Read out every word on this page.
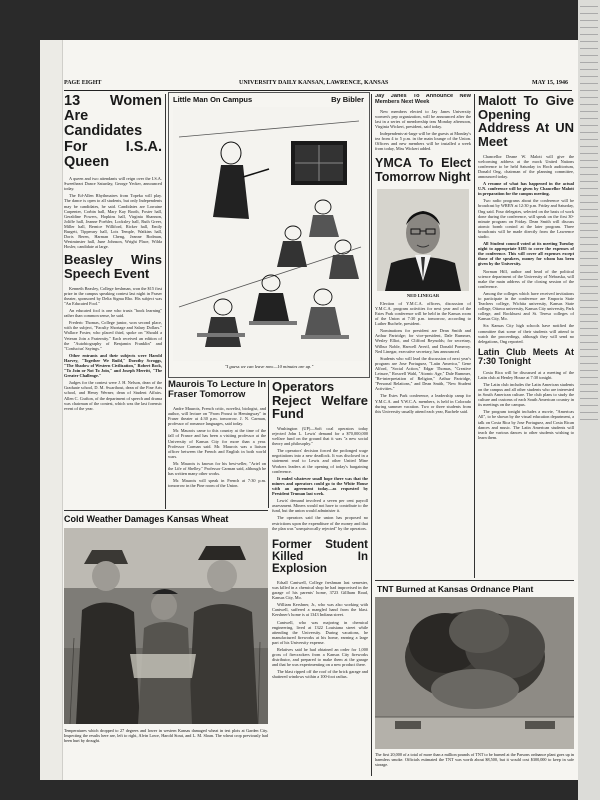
PAGE EIGHT	UNIVERSITY DAILY KANSAN, LAWRENCE, KANSAS	MAY 15, 1946
13 Women Are Candidates For I.S.A. Queen

A queen and two attendants will reign over the I.S.A. Sweetheart Dance Saturday, George Yecker, announced today.

The Ed-Allen Rhythmaires from Topeka will play. The dance is open to all students, but only Independents may be candidates, he said. Candidates are Lorraine Carpenter, Corbin hall, Mary Kay Booth, Foster hall, Geraldine Powers, Hopkins hall, Virginia Shannon, Joliffe hall, Jeanne Poehler, Locksley hall, Ruth Greer, Miller hall, Bernice Williford, Ricker hall, Emily Burgett, Tipperary hall, Lois Temple, Watkins hall, Doris Beren, Harman Cheng, Jeanne Bodman, Westminster hall, June Johnson, Wright Place, Wilda Hosler, candidate at large.

Beasley Wins Speech Event

Kenneth Beasley, College freshman, won the $15 first prize in the campus speaking contest last night in Fraser theater, sponsored by Delta Sigma Rho. His subject was "An Educated Fool."

An educated fool is one who trusts "book learning" rather than common sense, he said.

Frederic Thomas, College junior, won second place, with the subject, "Faculty Shortage and Salary Dollars." Wallace Foster, who placed third, spoke on "Should a Veteran Join a Fraternity." Each received an edition of the "Autobiography of Benjamin Franklin" and "Confucius' Sayings."

Other entrants and their subjects were Harold Harvey, "Together We Build," Dorothy Scroggs, "The Shadow of Western Civilization," Robert Bock, "To Join or Not To Join," and Joseph Merritt, "The Greater Challenge."

Judges for the contest were J. H. Nelson, dean of the Graduate school, D. M. Swarthout, dean of the Fine Arts school, and Henry Werner, dean of Student Affairs. Allen C. Crafton, of the department of speech and drama was chairman of the contest, which was the last forensic event of the year.

Little Man On Campus	By Bibler
"I guess we can leave now—10 minutes are up."
Maurois To Lecture In Fraser Tomorrow

Andre Maurois, French critic, novelist, biologist, and author, will lecture on "From Proust to Hemingway" in Fraser theater at 4:30 p.m. tomorrow. J. N. Carman, professor of romance languages, said today.

Mr. Maurois came to this country at the time of the fall of France and has been a visiting professor at the University of Kansas City for more than a year. Professor Carman said. Mr. Maurois was a liaison officer between the French and English in both world wars.

Mr. Maurois is known for his best-seller, "Ariel on the Life of Shelley." Professor Carman said, although he has written many other works.

Mr. Maurois will speak in French at 7:30 p.m. tomorrow in the Pine room of the Union.

Operators Reject Welfare Fund

Washington (UP)—Soft coal operators today rejected John L. Lewis' demand for a $70,000,000 welfare fund on the ground that it was "a new social theory and philosophy."

The operators' decision forced the prolonged wage negotiations into a new deadlock. It was disclosed in a statement read to Lewis and other United Mine Workers leaders at the opening of today's bargaining conference.

It ended whatever small hope there was that the miners and operators could go to the White House with an agreement today—as requested by President Truman last week.

Lewis' demand involved a seven per cent payroll assessment. Miners would not have to contribute to the fund, but the union would administer it.

The operators said the union has proposed no restrictions upon the expenditure of the money and that the plan was "unequivocally rejected" by the operators.

Former Student Killed In Explosion

Edsall Cantwell, College freshman last semester, was killed in a chemical shop he had improvised in the garage of his parents' home, 3723 Gillham Road, Kansas City, Mo.

William Kershner, Jr., who was also working with Cantwell, suffered a mangled hand from the blast. Kershner's home is at 1343 Indiana street.

Cantwell, who was majoring in chemical engineering, lived at 1322 Louisiana street while attending the University. During vacations, he manufactured fireworks at his home, earning a large part of his University expense.

Relatives said he had obtained an order for 1,000 gross of firecrackers from a Kansas City fireworks distributor, and prepared to make them at the garage and that he was experimenting on a new product there.

The blast ripped off the roof of the brick garage and shattered windows within a 100-foot radius.

Jay Janes To Announce New Members Next Week

New members elected to Jay Janes University women's pep organization, will be announced after the last in a series of membership teas Monday afternoon, Virginia Wickert, president, said today.

Independents-at-large will be the guests at Monday's tea from 4 to 5 p.m. in the main lounge of the Union. Officers and new members will be installed a week from today, Miss Wickert added.

YMCA To Elect Tomorrow Night
NED LINEGAR

Election of Y.M.C.A. officers, discussion of Y.M.C.A. program activities for next year and of the Estes Park conference will be held in the Kansas room of the Union at 7:30 p.m. tomorrow, according to Luther Buchele, president.

Nominations for president are Dean Smith and Arthur Partridge; for vice-president, Dale Rummer, Wesley Elliot, and Clifford Reynolds; for secretary, Wilbur Noble, Harwell Averil, and Donald Pomeroy. Ned Linegar, executive secretary, has announced.

Students who will lead the discussion of next year's program are Jose Portuguez, "Latin America," Gene Alford, "Social Action," Edgar Thomas, "Creative Leisure," Roswell Wahl, "Atomic Age," Dale Rummer, "Re-interpretation of Religion," Arthur Partridge, "Personal Relations," and Dean Smith, "New Student Activities."

The Estes Park conference, a leadership camp for Y.M.C.A. and Y.W.C.A. members, is held in Colorado during summer vacation. Two or three students from this University usually attend each year, Buchele said.

Malott To Give Opening Address At UN Meet

Chancellor Deane W. Malott will give the welcoming address at the mock United Nations conference to be held Saturday in Hoch auditorium, Donald Ong, chairman of the planning committee, announced today.

A resume of what has happened in the actual U.N. conference will be given by Chancellor Malott in preparation for the campus meeting.

Two radio programs about the conference will be broadcast by WREN at 12:30 p.m. Friday and Saturday, Ong said. Four delegates, selected on the basis of work done during the conference, will speak on the first 30-minute program on Friday. Dean Smith will discuss atomic bomb control at the later program. Three broadcasts will be made directly from the Lawrence studio.

All Student council voted at its meeting Tuesday night to appropriate $185 to cover the expenses of the conference. This will cover all expenses except those of the speakers, money for whom has been given by the University.

Norman Hill, author and head of the political science department of the University of Nebraska, will make the main address of the closing session of the conference.

Among the colleges which have received invitations to participate in the conference are Emporia State Teachers college, Wichita university, Kansas State college, Ottawa university, Kansas City university, Park college, and Rockhurst and St. Teresa colleges of Kansas City, Mo.

Six Kansas City high schools have notified the committee that some of their students will attend to watch the proceedings, although they will send no delegations, Ong reported.

Latin Club Meets At 7:30 Tonight

Costa Rica will be discussed at a meeting of the Latin club at Henley House at 7:30 tonight.

The Latin club includes the Latin American students on the campus and all other students who are interested in South American culture. The club plans to study the culture and customs of each South American country in its meetings on the campus.

The program tonight includes a movie, "Americas All", to be shown by the visual education department, a talk on Costa Rica by Jose Portuguez, and Costa Rican dances and music. The Latin American students will teach the various dances to other students wishing to learn them.

Cold Weather Damages Kansas Wheat
Temperatures which dropped to 27 degrees and lower in western Kansas damaged wheat in test plots at Garden City. Inspecting the results here are, left to right, Alvin Lowe, Harold Stout, and L. M. Sloan. The wheat crop previously had been hurt by drought.
TNT Burned at Kansas Ordnance Plant
The first 20,000 of a total of more than a million pounds of TNT to be burned at the Parsons ordnance plant goes up in harmless smoke. Officials estimated the TNT was worth about $8,500, but it would cost $300,000 to keep in safe storage.
